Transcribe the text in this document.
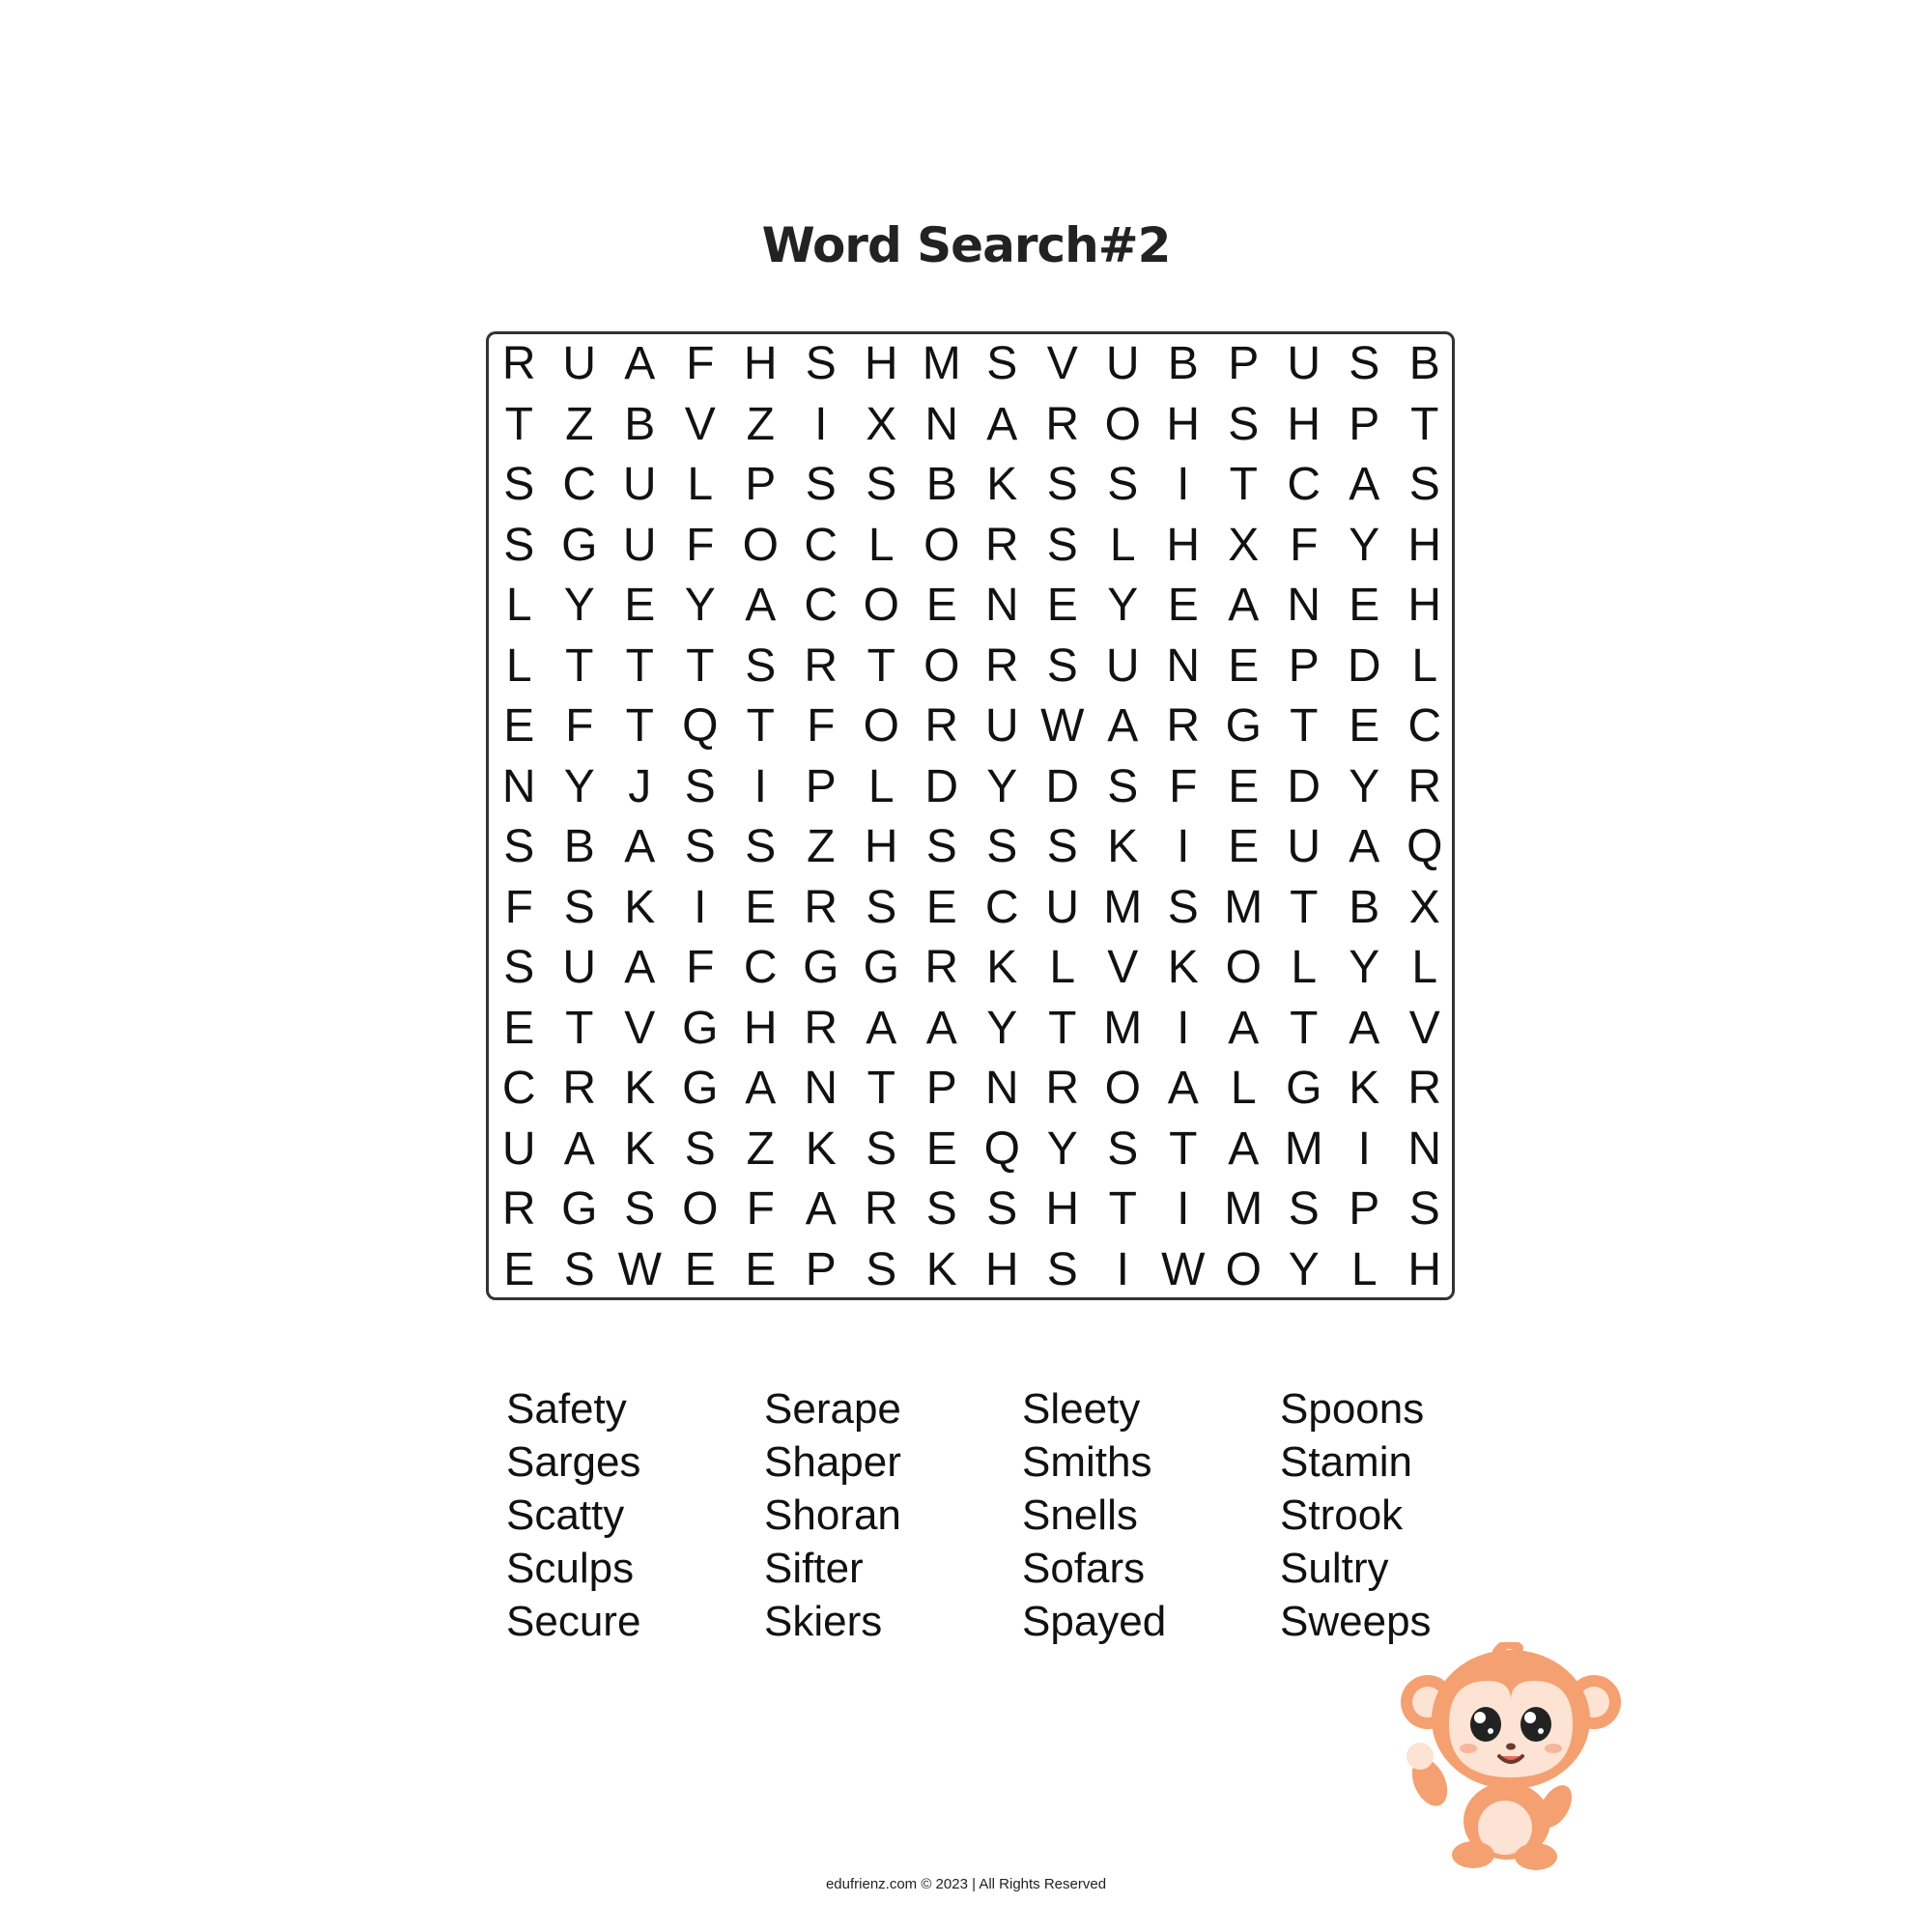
Word Search#2
R U A F H S H M S V U B P U S B
T Z B V Z I X N A R O H S H P T
S C U L P S S B K S S I T C A S
S G U F O C L O R S L H X F Y H
L Y E Y A C O E N E Y E A N E H
L T T T S R T O R S U N E P D L
E F T Q T F O R U W A R G T E C
N Y J S I P L D Y D S F E D Y R
S B A S S Z H S S S K I E U A Q
F S K I E R S E C U M S M T B X
S U A F C G G R K L V K O L Y L
E T V G H R A A Y T M I A T A V
C R K G A N T P N R O A L G K R
U A K S Z K S E Q Y S T A M I N
R G S O F A R S S H T I M S P S
E S W E E P S K H S I W O Y L H
Safety
Sarges
Scatty
Sculps
Secure
Serape
Shaper
Shoran
Sifter
Skiers
Sleety
Smiths
Snells
Sofars
Spayed
Spoons
Stamin
Strook
Sultry
Sweeps
edufrienz.com © 2023 | All Rights Reserved
